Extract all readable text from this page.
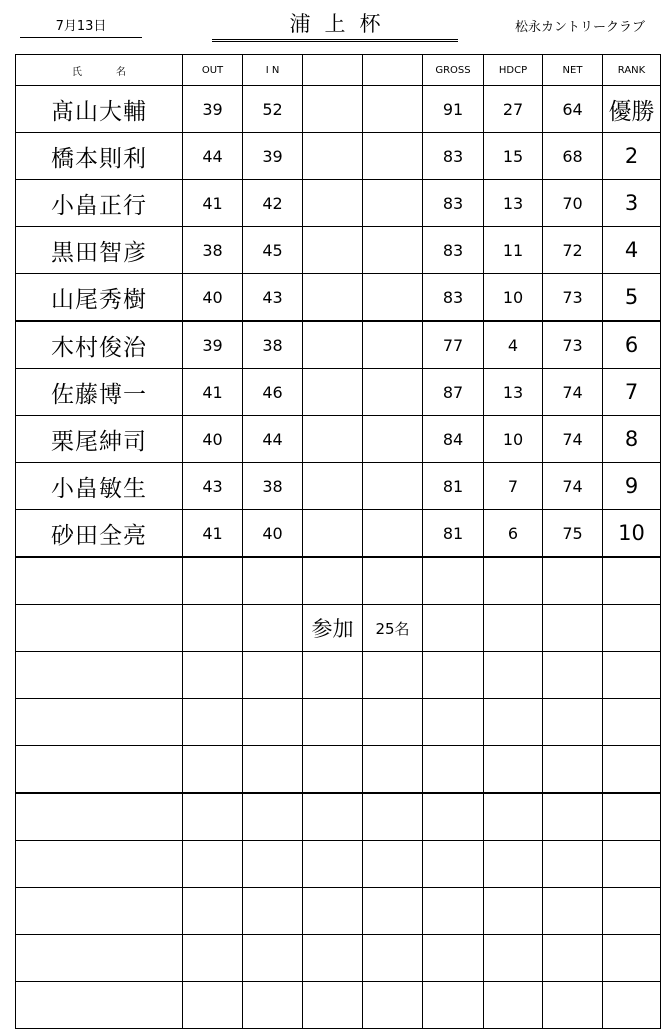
7月13日	浦上杯	松永カントリークラブ
氏　名	OUT	I N			GROSS	HDCP	NET	RANK
髙山大輔	39	52			91	27	64	優勝
橋本則利	44	39			83	15	68	2
小畠正行	41	42			83	13	70	3
黒田智彦	38	45			83	11	72	4
山尾秀樹	40	43			83	10	73	5
木村俊治	39	38			77	4	73	6
佐藤博一	41	46			87	13	74	7
栗尾紳司	40	44			84	10	74	8
小畠敏生	43	38			81	7	74	9
砂田全亮	41	40			81	6	75	10

			参加	25名				
